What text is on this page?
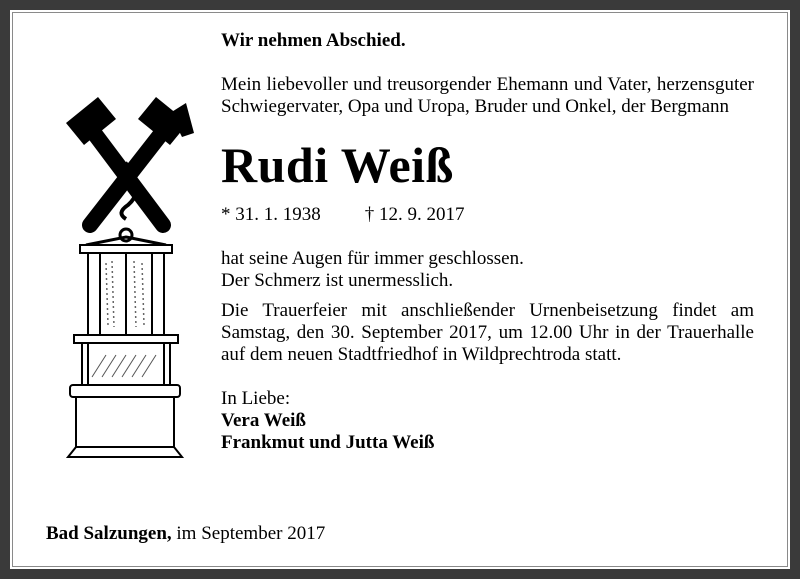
Wir nehmen Abschied.

Mein liebevoller und treusorgender Ehemann und Vater, herzensguter Schwiegervater, Opa und Uropa, Bruder und Onkel, der Bergmann

Rudi Weiß

* 31. 1. 1938 † 12. 9. 2017

hat seine Augen für immer geschlossen.

Der Schmerz ist unermesslich.

Die Trauerfeier mit anschließender Urnenbeisetzung findet am Samstag, den 30. September 2017, um 12.00 Uhr in der Trauerhalle auf dem neuen Stadtfriedhof in Wildprechtroda statt.

In Liebe:

Vera Weiß

Frankmut und Jutta Weiß

Bad Salzungen, im September 2017
